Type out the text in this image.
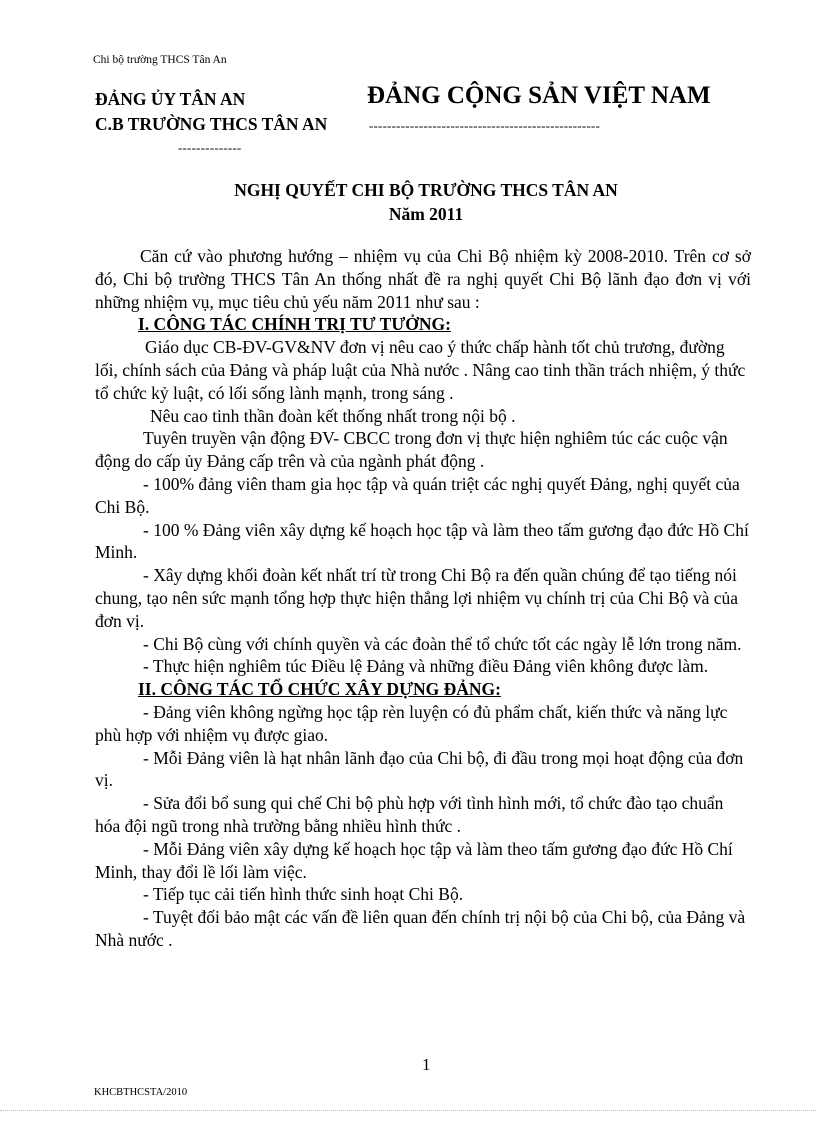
Chi bộ trường THCS Tân An
ĐẢNG ỦY TÂN AN
C.B TRƯỜNG THCS TÂN AN
--------------
ĐẢNG CỘNG SẢN VIỆT NAM
---------------------------------------------------
NGHỊ QUYẾT CHI BỘ TRƯỜNG THCS TÂN AN
Năm 2011

Căn cứ vào phương hướng – nhiệm vụ của Chi Bộ nhiệm kỳ 2008-2010. Trên cơ sở đó, Chi bộ trường THCS Tân An thống nhất đề ra nghị quyết Chi Bộ lãnh đạo đơn vị với những nhiệm vụ, mục tiêu chủ yếu năm 2011 như sau :

I. CÔNG TÁC CHÍNH TRỊ TƯ TƯỞNG:

Giáo dục CB-ĐV-GV&NV đơn vị nêu cao ý thức chấp hành tốt chủ trương, đường lối, chính sách của Đảng và pháp luật của Nhà nước . Nâng cao tinh thần trách nhiệm, ý thức tổ chức kỷ luật, có lối sống lành mạnh, trong sáng .

Nêu cao tinh thần đoàn kết thống nhất trong nội bộ .

Tuyên truyền vận động ĐV- CBCC trong đơn vị thực hiện nghiêm túc các cuộc vận động do cấp ủy Đảng cấp trên và của ngành phát động .

- 100% đảng viên tham gia học tập và quán triệt các nghị quyết Đảng, nghị quyết của Chi Bộ.

- 100 % Đảng viên xây dựng kế hoạch học tập và làm theo tấm gương đạo đức Hồ Chí Minh.

- Xây dựng khối đoàn kết nhất trí từ trong Chi Bộ ra đến quần chúng để tạo tiếng nói chung, tạo nên sức mạnh tổng hợp thực hiện thắng lợi nhiệm vụ chính trị của Chi Bộ và của đơn vị.

- Chi Bộ cùng với chính quyền và các đoàn thể tổ chức tốt các ngày lễ lớn trong năm.

- Thực hiện nghiêm túc Điều lệ Đảng và những điều Đảng viên không được làm.

II. CÔNG TÁC TỔ CHỨC XÂY DỰNG ĐẢNG:

- Đảng viên không ngừng học tập rèn luyện có đủ phẩm chất, kiến thức và năng lực phù hợp với nhiệm vụ được giao.

- Mỗi Đảng viên là hạt nhân lãnh đạo của Chi bộ, đi đầu trong mọi hoạt động của đơn vị.

- Sửa đổi bổ sung qui chế Chi bộ phù hợp với tình hình mới, tổ chức đào tạo chuẩn hóa đội ngũ trong nhà trường bằng nhiều hình thức .

- Mỗi Đảng viên xây dựng kế hoạch học tập và làm theo tấm gương đạo đức Hồ Chí Minh, thay đổi lề lối làm việc.

- Tiếp tục cải tiến hình thức sinh hoạt Chi Bộ.

- Tuyệt đối bảo mật các vấn đề liên quan đến chính trị nội bộ của Chi bộ, của Đảng và Nhà nước .

1
KHCBTHCSTA/2010
